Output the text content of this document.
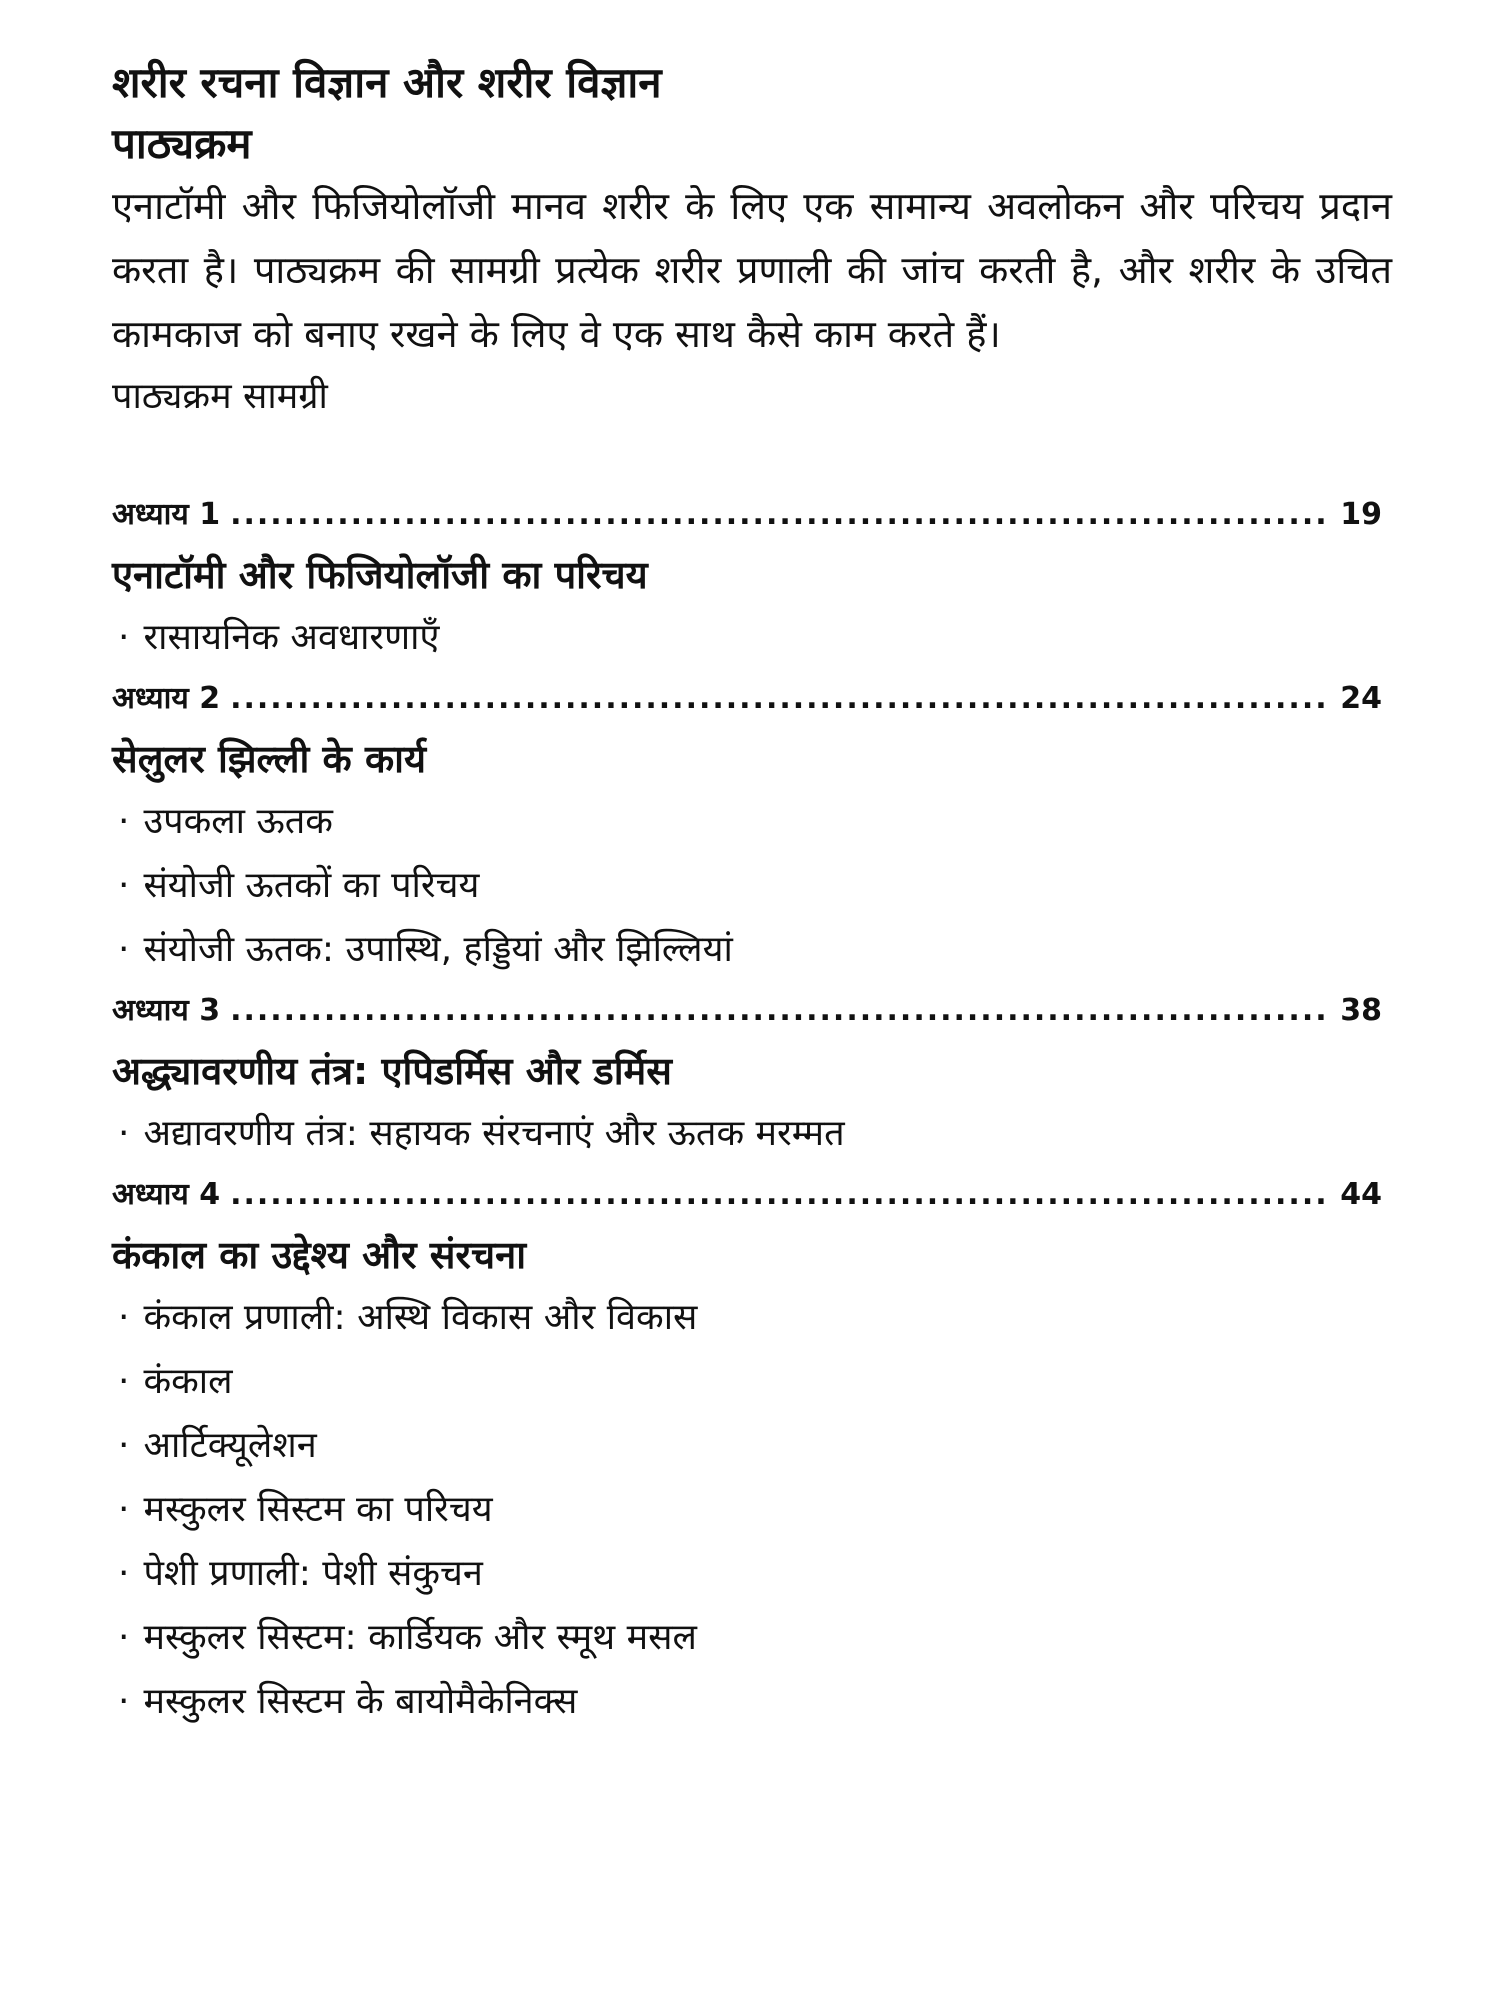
शरीर रचना विज्ञान और शरीर विज्ञान
पाठ्यक्रम

एनाटॉमी और फिजियोलॉजी मानव शरीर के लिए एक सामान्य अवलोकन और परिचय प्रदान करता है। पाठ्यक्रम की सामग्री प्रत्येक शरीर प्रणाली की जांच करती है, और शरीर के उचित कामकाज को बनाए रखने के लिए वे एक साथ कैसे काम करते हैं।

पाठ्यक्रम सामग्री

अध्याय 1 .....	19
एनाटॉमी और फिजियोलॉजी का परिचय
· रासायनिक अवधारणाएँ
अध्याय 2 .....	24
सेलुलर झिल्ली के कार्य
· उपकला ऊतक
· संयोजी ऊतकों का परिचय
· संयोजी ऊतक: उपास्थि, हड्डियां और झिल्लियां
अध्याय 3 .....	38
अद्ध्यावरणीय तंत्र: एपिडर्मिस और डर्मिस
· अद्यावरणीय तंत्र: सहायक संरचनाएं और ऊतक मरम्मत
अध्याय 4 .....	44
कंकाल का उद्देश्य और संरचना
· कंकाल प्रणाली: अस्थि विकास और विकास
· कंकाल
· आर्टिक्यूलेशन
· मस्कुलर सिस्टम का परिचय
· पेशी प्रणाली: पेशी संकुचन
· मस्कुलर सिस्टम: कार्डियक और स्मूथ मसल
· मस्कुलर सिस्टम के बायोमैकेनिक्स
